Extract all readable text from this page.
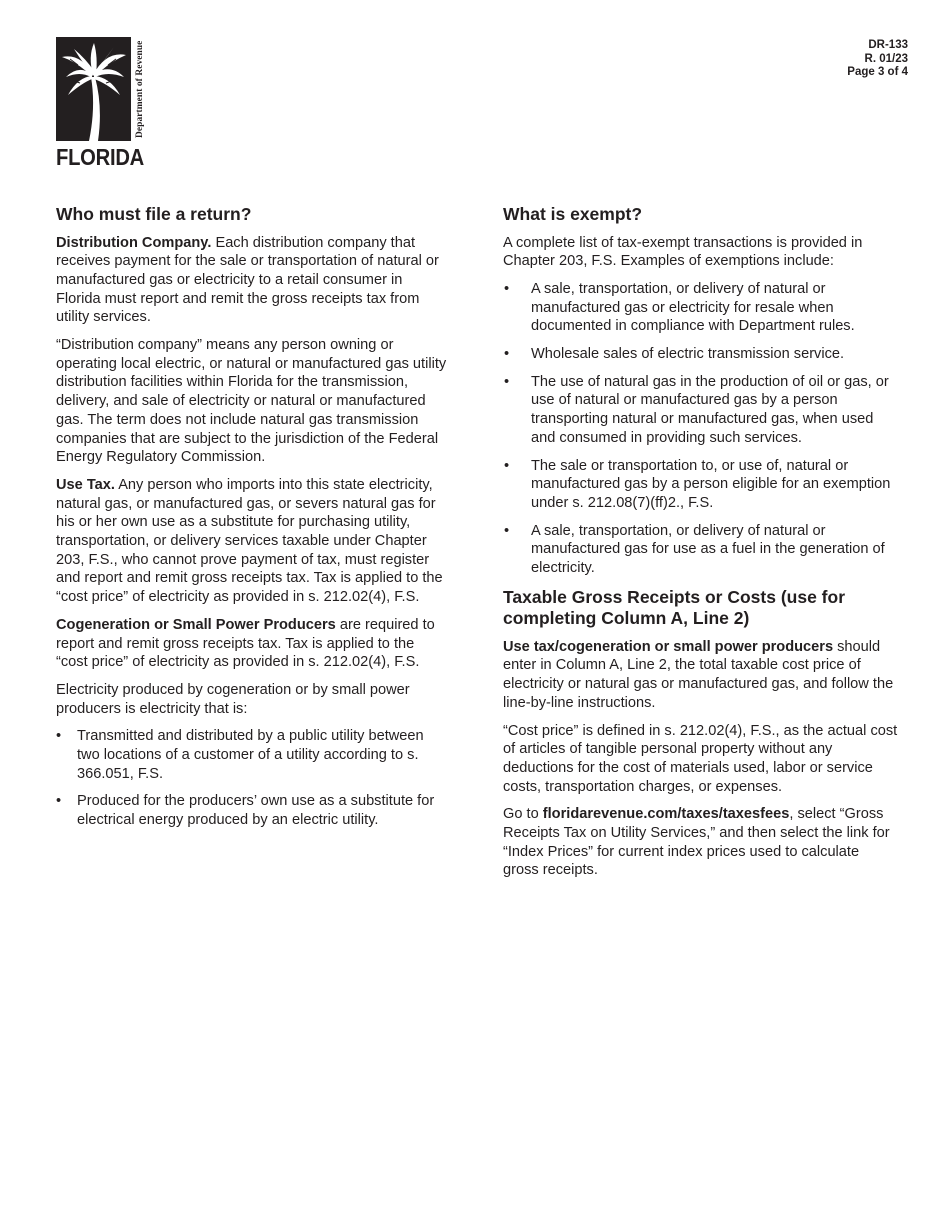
Department of Revenue
FLORIDA
DR-133
R. 01/23
Page 3 of 4
Who must file a return?

Distribution Company. Each distribution company that receives payment for the sale or transportation of natural or manufactured gas or electricity to a retail consumer in Florida must report and remit the gross receipts tax from utility services.

“Distribution company” means any person owning or operating local electric, or natural or manufactured gas utility distribution facilities within Florida for the transmission, delivery, and sale of electricity or natural or manufactured gas. The term does not include natural gas transmission companies that are subject to the jurisdiction of the Federal Energy Regulatory Commission.

Use Tax. Any person who imports into this state electricity, natural gas, or manufactured gas, or severs natural gas for his or her own use as a substitute for purchasing utility, transportation, or delivery services taxable under Chapter 203, F.S., who cannot prove payment of tax, must register and report and remit gross receipts tax. Tax is applied to the “cost price” of electricity as provided in s. 212.02(4), F.S.

Cogeneration or Small Power Producers are required to report and remit gross receipts tax. Tax is applied to the “cost price” of electricity as provided in s. 212.02(4), F.S.

Electricity produced by cogeneration or by small power producers is electricity that is:

• Transmitted and distributed by a public utility between two locations of a customer of a utility according to s. 366.051, F.S.
• Produced for the producers’ own use as a substitute for electrical energy produced by an electric utility.
What is exempt?

A complete list of tax-exempt transactions is provided in Chapter 203, F.S. Examples of exemptions include:

• A sale, transportation, or delivery of natural or manufactured gas or electricity for resale when documented in compliance with Department rules.
• Wholesale sales of electric transmission service.
• The use of natural gas in the production of oil or gas, or use of natural or manufactured gas by a person transporting natural or manufactured gas, when used and consumed in providing such services.
• The sale or transportation to, or use of, natural or manufactured gas by a person eligible for an exemption under s. 212.08(7)(ff)2., F.S.
• A sale, transportation, or delivery of natural or manufactured gas for use as a fuel in the generation of electricity.
Taxable Gross Receipts or Costs (use for completing Column A, Line 2)

Use tax/cogeneration or small power producers should enter in Column A, Line 2, the total taxable cost price of electricity or natural gas or manufactured gas, and follow the line-by-line instructions.

“Cost price” is defined in s. 212.02(4), F.S., as the actual cost of articles of tangible personal property without any deductions for the cost of materials used, labor or service costs, transportation charges, or expenses.

Go to floridarevenue.com/taxes/taxesfees, select “Gross Receipts Tax on Utility Services,” and then select the link for “Index Prices” for current index prices used to calculate gross receipts.
